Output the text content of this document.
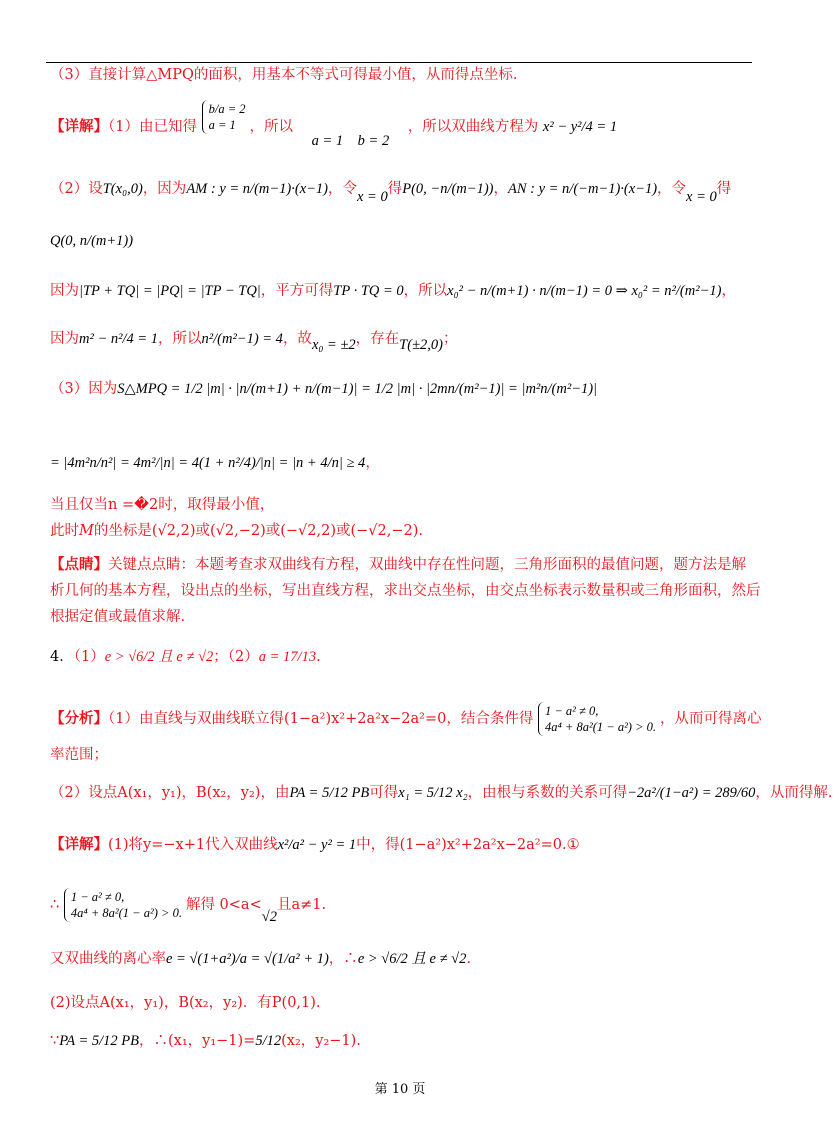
（3）直接计算△MPQ的面积，用基本不等式可得最小值，从而得点坐标.
【详解】（1）由已知得
b/a = 2
a = 1 ，所以 a = 1　b = 2 ，所以双曲线方程为 x² − y²/4 = 1
（2）设T(x₀,0)，因为AM : y = n/(m−1)·(x−1)，令x = 0得P(0, −n/(m−1))，AN : y = n/(−m−1)·(x−1)，令x = 0得
Q(0, n/(m+1))
因为|TP + TQ| = |PQ| = |TP − TQ|，平方可得TP · TQ = 0，所以x₀² − n/(m+1) · n/(m−1) = 0 ⇒ x₀² = n²/(m²−1)，
因为m² − n²/4 = 1，所以n²/(m²−1) = 4，故x₀ = ±2，存在T(±2,0)；
（3）因为S△MPQ = 1/2 |m| · |n/(m+1) + n/(m−1)| = 1/2 |m| · |2mn/(m²−1)| = |m²n/(m²−1)|
= |4m²n/n²| = 4m²/|n| = 4(1 + n²/4)/|n| = |n + 4/n| ≥ 4，
当且仅当n =�2时，取得最小值，
此时M的坐标是(√2,2)或(√2,−2)或(−√2,2)或(−√2,−2).
【点睛】关键点点睛：本题考查求双曲线有方程，双曲线中存在性问题，三角形面积的最值问题，题方法是解
析几何的基本方程，设出点的坐标，写出直线方程，求出交点坐标，由交点坐标表示数量积或三角形面积，然后
根据定值或最值求解.
4．（1）e > √6/2 且 e ≠ √2；（2）a = 17/13.
【分析】（1）由直线与双曲线联立得(1−a²)x²+2a²x−2a²=0，结合条件得 1 − a² ≠ 0,
4a⁴ + 8a²(1 − a²) > 0. ，从而可得离心
率范围；
（2）设点A(x₁，y₁)，B(x₂，y₂)，由PA = 5/12 PB可得x₁ = 5/12 x₂，由根与系数的关系可得−2a²/(1−a²) = 289/60，从而得解.
【详解】(1)将y=−x+1代入双曲线x²/a² − y² = 1中，得(1−a²)x²+2a²x−2a²=0.①
∴ 1 − a² ≠ 0,
4a⁴ + 8a²(1 − a²) > 0. 解得 0<a<√2且a≠1.
又双曲线的离心率e = √(1+a²)/a = √(1/a² + 1)，∴e > √6/2 且 e ≠ √2.
(2)设点A(x₁，y₁)，B(x₂，y₂)．有P(0,1).
∵PA = 5/12 PB，∴(x₁，y₁−1)=5/12(x₂，y₂−1).
第 10 页
